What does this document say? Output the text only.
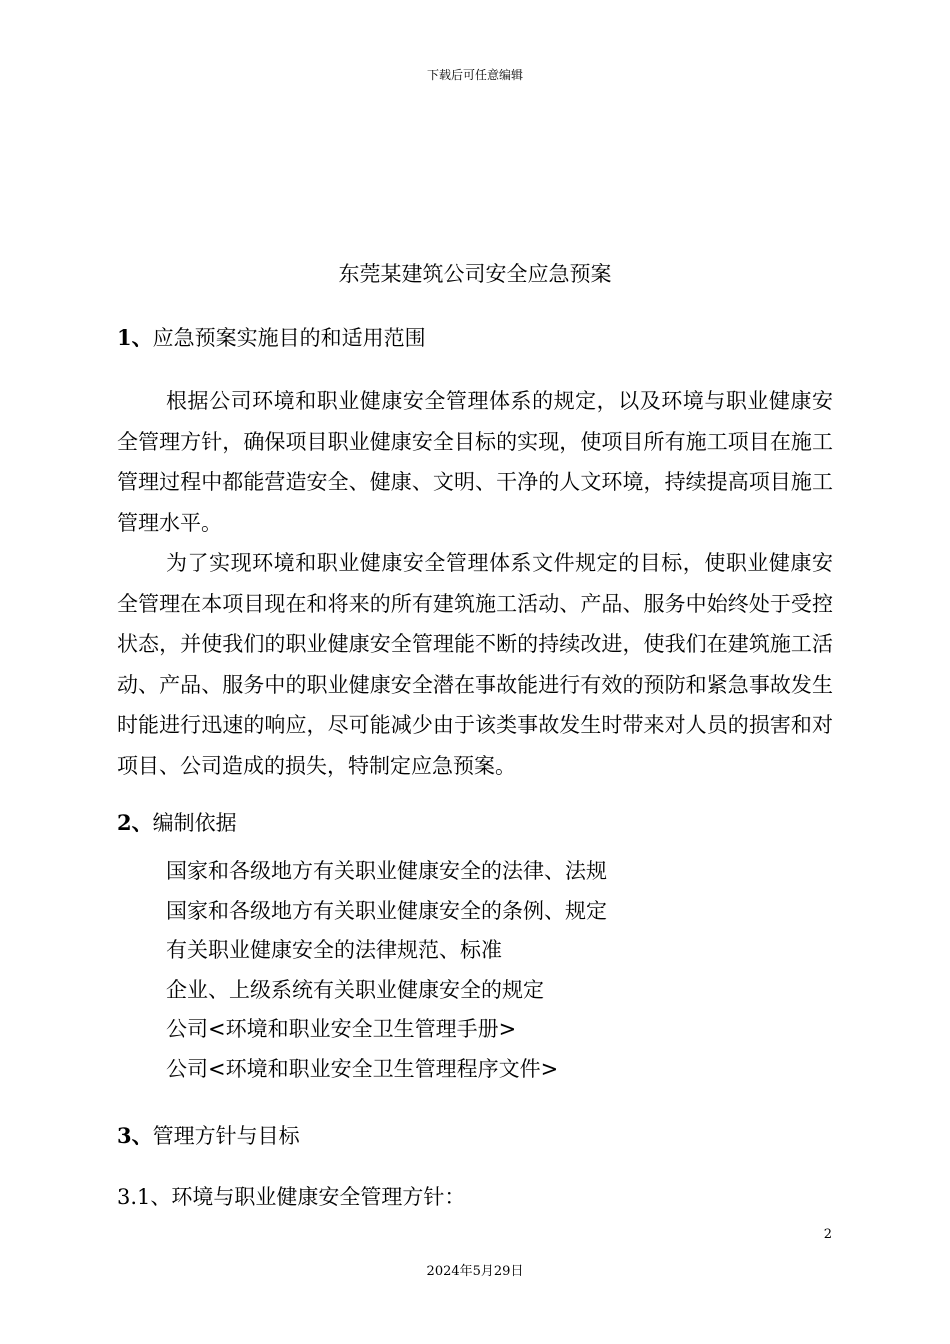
下载后可任意编辑
东莞某建筑公司安全应急预案
1、应急预案实施目的和适用范围

根据公司环境和职业健康安全管理体系的规定，以及环境与职业健康安全管理方针，确保项目职业健康安全目标的实现，使项目所有施工项目在施工管理过程中都能营造安全、健康、文明、干净的人文环境，持续提高项目施工管理水平。

为了实现环境和职业健康安全管理体系文件规定的目标，使职业健康安全管理在本项目现在和将来的所有建筑施工活动、产品、服务中始终处于受控状态，并使我们的职业健康安全管理能不断的持续改进，使我们在建筑施工活动、产品、服务中的职业健康安全潜在事故能进行有效的预防和紧急事故发生时能进行迅速的响应，尽可能减少由于该类事故发生时带来对人员的损害和对项目、公司造成的损失，特制定应急预案。

2、编制依据
国家和各级地方有关职业健康安全的法律、法规
国家和各级地方有关职业健康安全的条例、规定
有关职业健康安全的法律规范、标准
企业、上级系统有关职业健康安全的规定
公司<环境和职业安全卫生管理手册>
公司<环境和职业安全卫生管理程序文件>
3、管理方针与目标

3.1、环境与职业健康安全管理方针：

2
2024年5月29日
